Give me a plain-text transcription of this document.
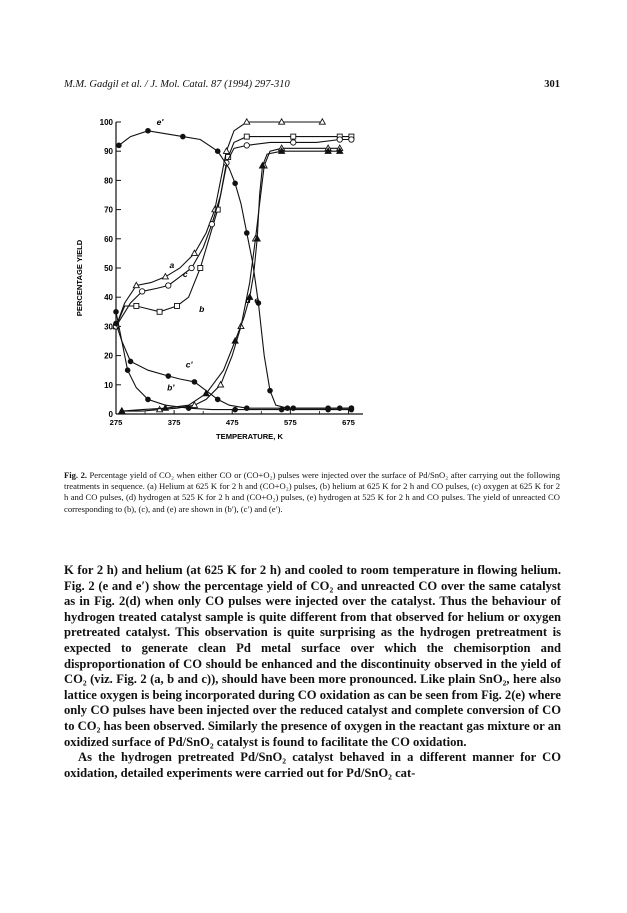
M.M. Gadgil et al. / J. Mol. Catal. 87 (1994) 297-310	301
0
10
20
30
40
50
60
70
80
90
100
275	375	475	575	675
TEMPERATURE, K
PERCENTAGE YIELD	a
b
c
d e
b'
c'
e'
Fig. 2. Percentage yield of CO₂ when either CO or (CO+O₂) pulses were injected over the surface of Pd/SnO₂ after carrying out the following treatments in sequence. (a) Helium at 625 K for 2 h and (CO+O₂) pulses, (b) helium at 625 K for 2 h and CO pulses, (c) oxygen at 625 K for 2 h and CO pulses, (d) hydrogen at 525 K for 2 h and (CO+O₂) pulses, (e) hydrogen at 525 K for 2 h and CO pulses. The yield of unreacted CO corresponding to (b), (c), and (e) are shown in (b′), (c′) and (e′).

K for 2 h) and helium (at 625 K for 2 h) and cooled to room temperature in flowing helium. Fig. 2 (e and e′) show the percentage yield of CO₂ and unreacted CO over the same catalyst as in Fig. 2(d) when only CO pulses were injected over the catalyst. Thus the behaviour of hydrogen treated catalyst sample is quite different from that observed for helium or oxygen pretreated catalyst. This observation is quite surprising as the hydrogen pretreatment is expected to generate clean Pd metal surface over which the chemisorption and disproportionation of CO should be enhanced and the discontinuity observed in the yield of CO₂ (viz. Fig. 2 (a, b and c)), should have been more pronounced. Like plain SnO₂, here also lattice oxygen is being incorporated during CO oxidation as can be seen from Fig. 2(e) where only CO pulses have been injected over the reduced catalyst and complete conversion of CO to CO₂ has been observed. Similarly the presence of oxygen in the reactant gas mixture or an oxidized surface of Pd/SnO₂ catalyst is found to facilitate the CO oxidation.

As the hydrogen pretreated Pd/SnO₂ catalyst behaved in a different manner for CO oxidation, detailed experiments were carried out for Pd/SnO₂ cat-
